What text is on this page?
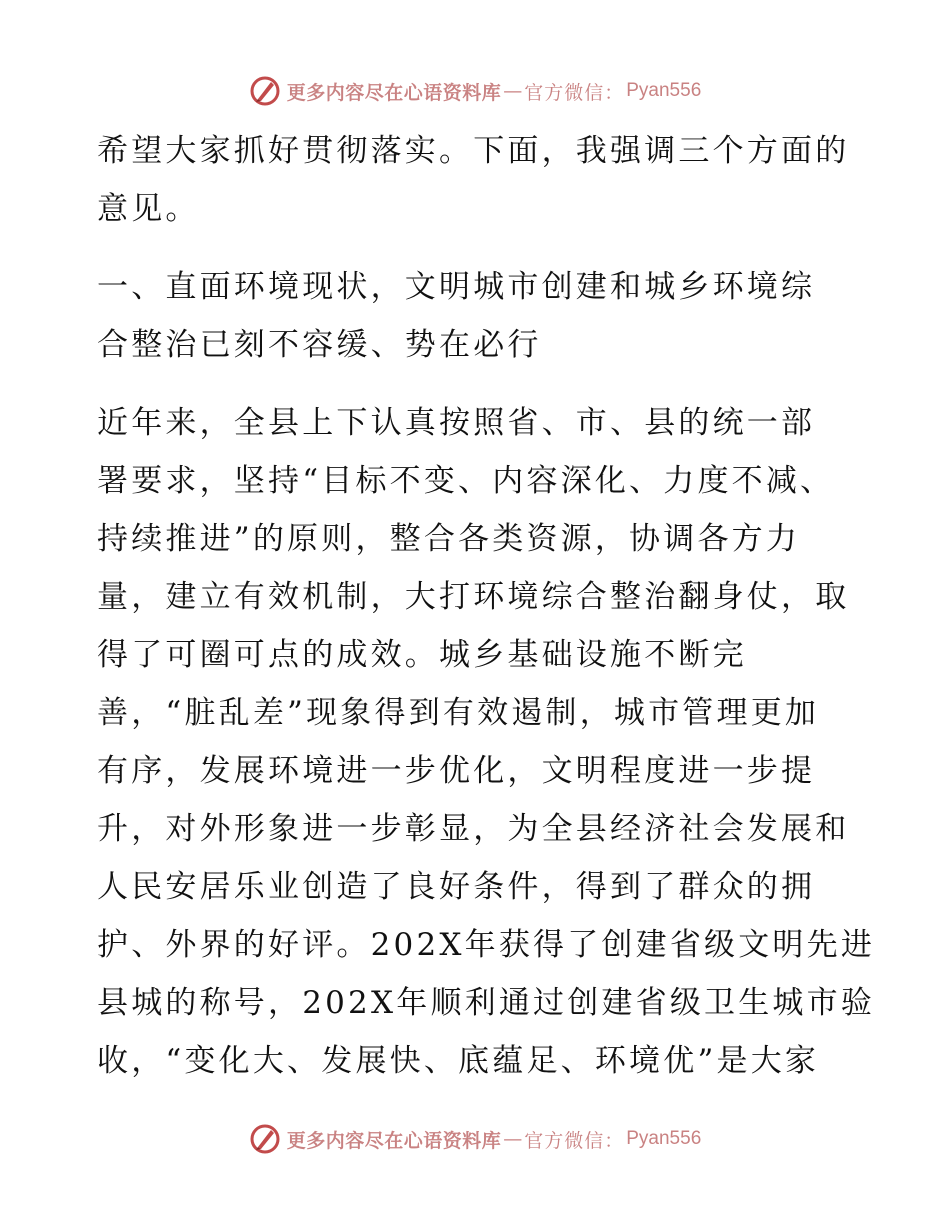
更多内容尽在心语资料库 — 官方微信： Pyan556
希望大家抓好贯彻落实。下面，我强调三个方面的
意见。
一、直面环境现状，文明城市创建和城乡环境综
合整治已刻不容缓、势在必行
近年来，全县上下认真按照省、市、县的统一部
署要求，坚持“目标不变、内容深化、力度不减、
持续推进”的原则，整合各类资源，协调各方力
量，建立有效机制，大打环境综合整治翻身仗，取
得了可圈可点的成效。城乡基础设施不断完
善，“脏乱差”现象得到有效遏制，城市管理更加
有序，发展环境进一步优化，文明程度进一步提
升，对外形象进一步彰显，为全县经济社会发展和
人民安居乐业创造了良好条件，得到了群众的拥
护、外界的好评。202X年获得了创建省级文明先进
县城的称号，202X年顺利通过创建省级卫生城市验
收，“变化大、发展快、底蕴足、环境优”是大家
更多内容尽在心语资料库 — 官方微信： Pyan556
